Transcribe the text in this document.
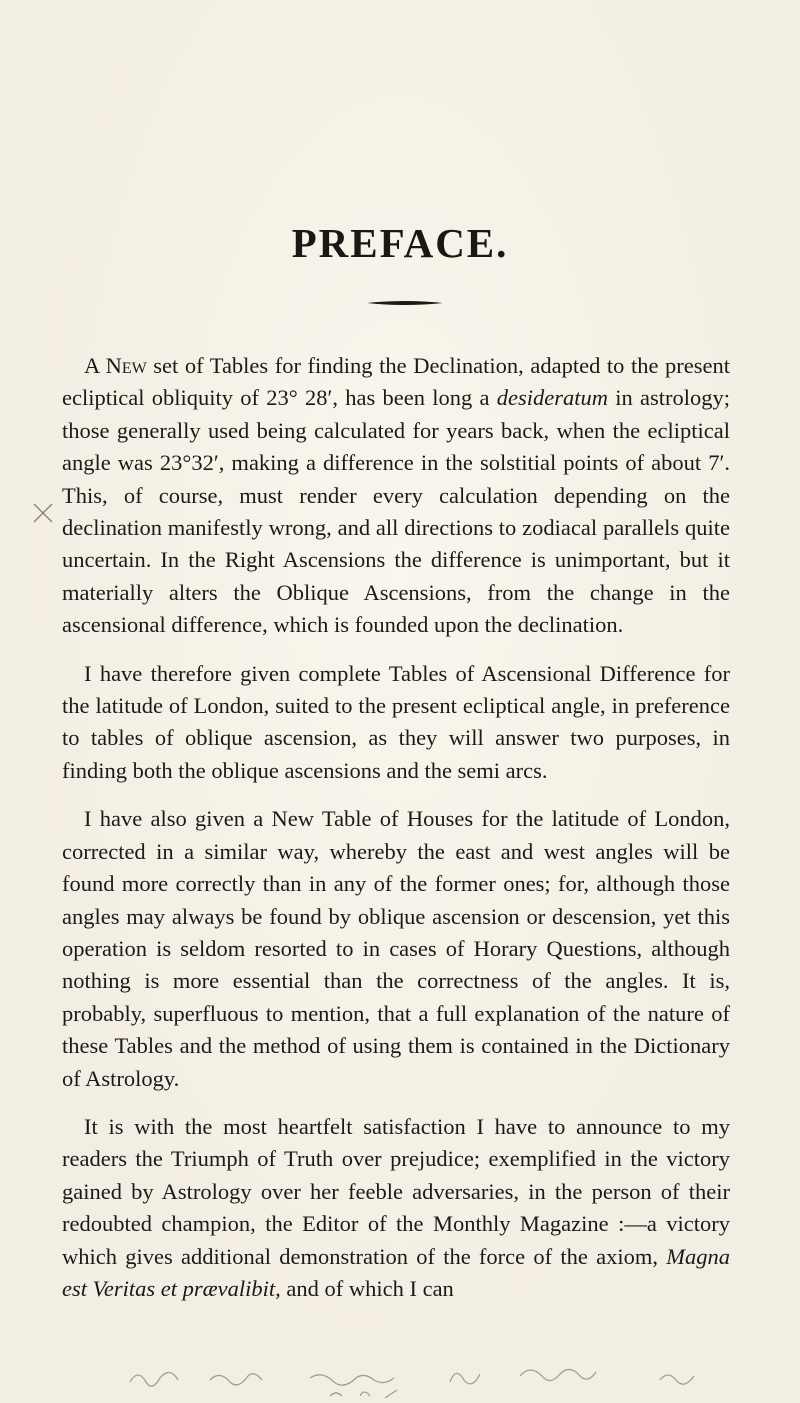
PREFACE.

A New set of Tables for finding the Declination, adapted to the present ecliptical obliquity of 23° 28′, has been long a desideratum in astrology; those generally used being calculated for years back, when the ecliptical angle was 23°32′, making a difference in the solstitial points of about 7′. This, of course, must render every calculation depending on the declination manifestly wrong, and all directions to zodiacal parallels quite uncertain. In the Right Ascensions the difference is unimportant, but it materially alters the Oblique Ascensions, from the change in the ascensional difference, which is founded upon the declination.

I have therefore given complete Tables of Ascensional Difference for the latitude of London, suited to the present ecliptical angle, in preference to tables of oblique ascension, as they will answer two purposes, in finding both the oblique ascensions and the semi arcs.

I have also given a New Table of Houses for the latitude of London, corrected in a similar way, whereby the east and west angles will be found more correctly than in any of the former ones; for, although those angles may always be found by oblique ascension or descension, yet this operation is seldom resorted to in cases of Horary Questions, although nothing is more essential than the correctness of the angles. It is, probably, superfluous to mention, that a full explanation of the nature of these Tables and the method of using them is contained in the Dictionary of Astrology.

It is with the most heartfelt satisfaction I have to announce to my readers the Triumph of Truth over prejudice; exemplified in the victory gained by Astrology over her feeble adversaries, in the person of their redoubted champion, the Editor of the Monthly Magazine :—a victory which gives additional demonstration of the force of the axiom, Magna est Veritas et prævalibit, and of which I can
